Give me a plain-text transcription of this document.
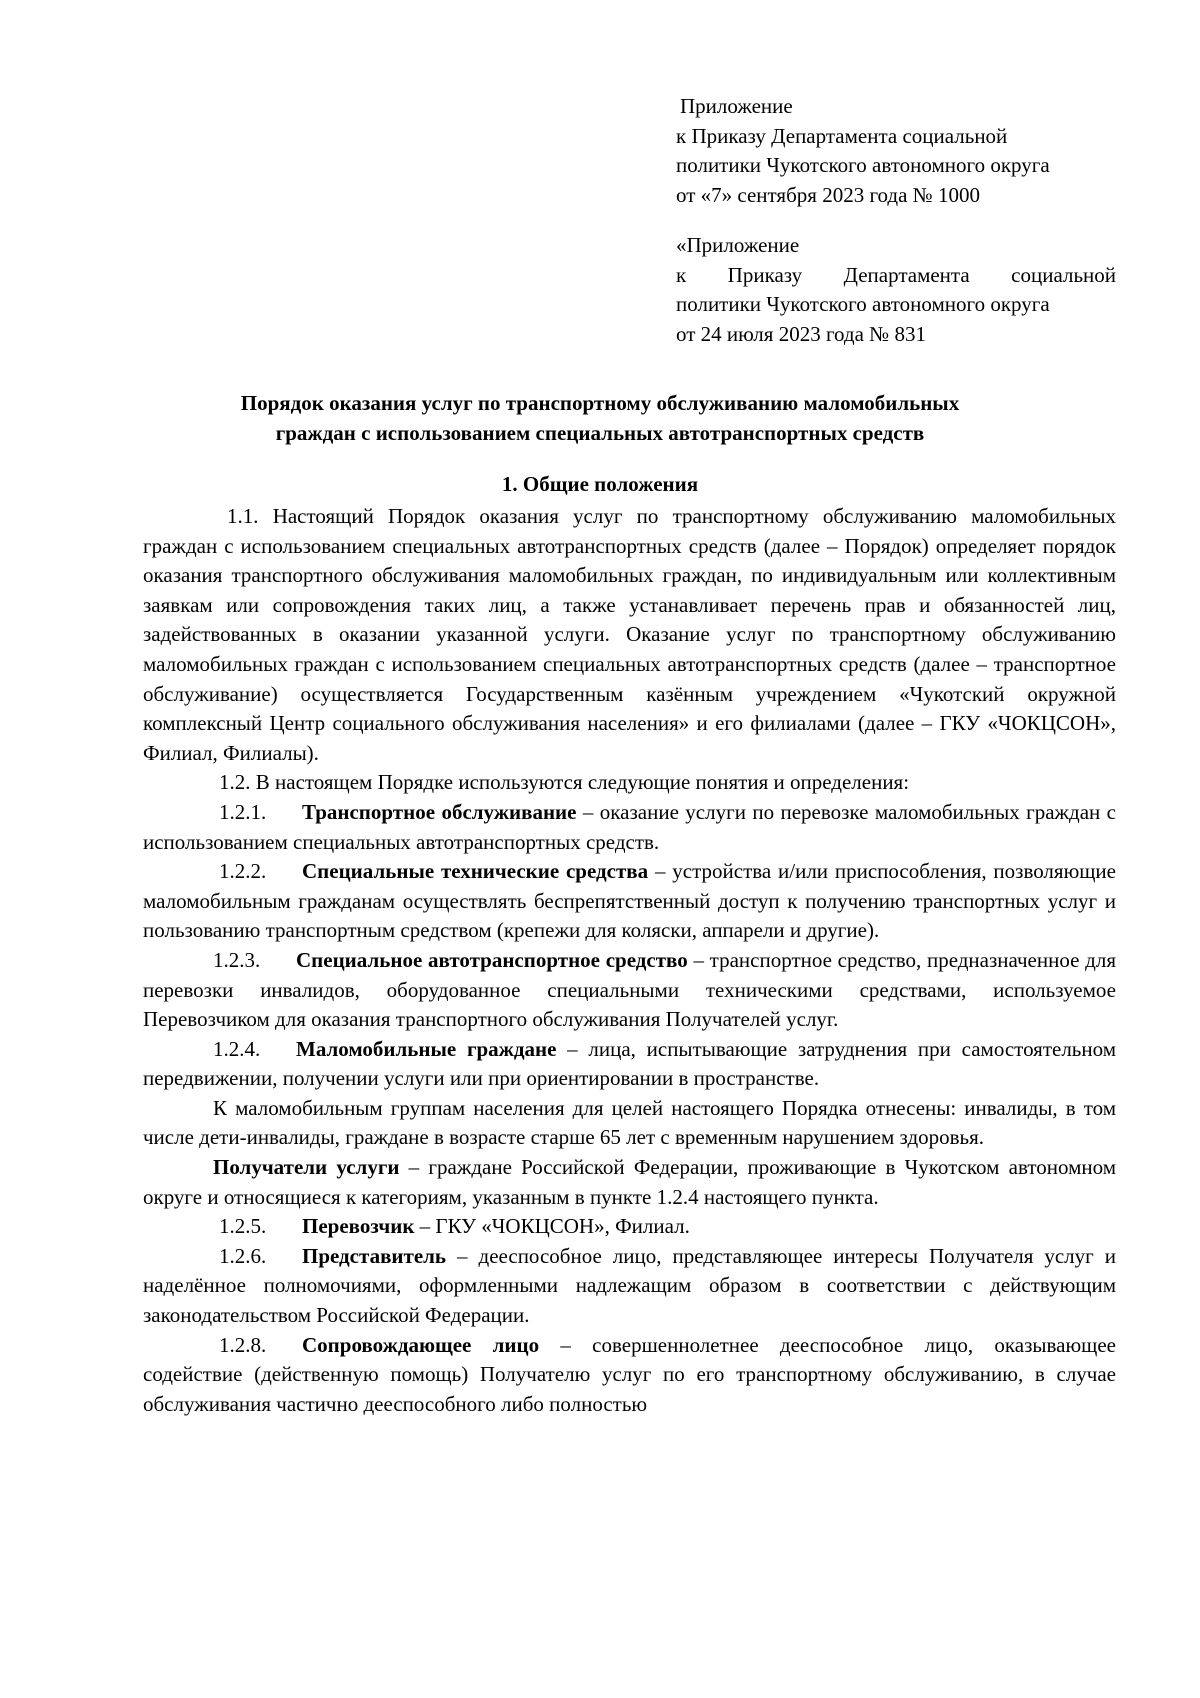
Приложение
к Приказу Департамента социальной
политики Чукотского автономного округа
от «7» сентября 2023 года № 1000
«Приложение
к Приказу Департамента социальной
политики Чукотского автономного округа
от 24 июля 2023 года № 831
Порядок оказания услуг по транспортному обслуживанию маломобильных
граждан с использованием специальных автотранспортных средств
1. Общие положения

1.1. Настоящий Порядок оказания услуг по транспортному обслуживанию маломобильных граждан с использованием специальных автотранспортных средств (далее – Порядок) определяет порядок оказания транспортного обслуживания маломобильных граждан, по индивидуальным или коллективным заявкам или сопровождения таких лиц, а также устанавливает перечень прав и обязанностей лиц, задействованных в оказании указанной услуги. Оказание услуг по транспортному обслуживанию маломобильных граждан с использованием специальных автотранспортных средств (далее – транспортное обслуживание) осуществляется Государственным казённым учреждением «Чукотский окружной комплексный Центр социального обслуживания населения» и его филиалами (далее – ГКУ «ЧОКЦСОН», Филиал, Филиалы).

1.2. В настоящем Порядке используются следующие понятия и определения:

1.2.1. Транспортное обслуживание – оказание услуги по перевозке маломобильных граждан с использованием специальных автотранспортных средств.

1.2.2. Специальные технические средства – устройства и/или приспособления, позволяющие маломобильным гражданам осуществлять беспрепятственный доступ к получению транспортных услуг и пользованию транспортным средством (крепежи для коляски, аппарели и другие).

1.2.3. Специальное автотранспортное средство – транспортное средство, предназначенное для перевозки инвалидов, оборудованное специальными техническими средствами, используемое Перевозчиком для оказания транспортного обслуживания Получателей услуг.

1.2.4. Маломобильные граждане – лица, испытывающие затруднения при самостоятельном передвижении, получении услуги или при ориентировании в пространстве.

К маломобильным группам населения для целей настоящего Порядка отнесены: инвалиды, в том числе дети-инвалиды, граждане в возрасте старше 65 лет с временным нарушением здоровья.

Получатели услуги – граждане Российской Федерации, проживающие в Чукотском автономном округе и относящиеся к категориям, указанным в пункте 1.2.4 настоящего пункта.

1.2.5. Перевозчик – ГКУ «ЧОКЦСОН», Филиал.

1.2.6. Представитель – дееспособное лицо, представляющее интересы Получателя услуг и наделённое полномочиями, оформленными надлежащим образом в соответствии с действующим законодательством Российской Федерации.

1.2.8. Сопровождающее лицо – совершеннолетнее дееспособное лицо, оказывающее содействие (действенную помощь) Получателю услуг по его транспортному обслуживанию, в случае обслуживания частично дееспособного либо полностью
